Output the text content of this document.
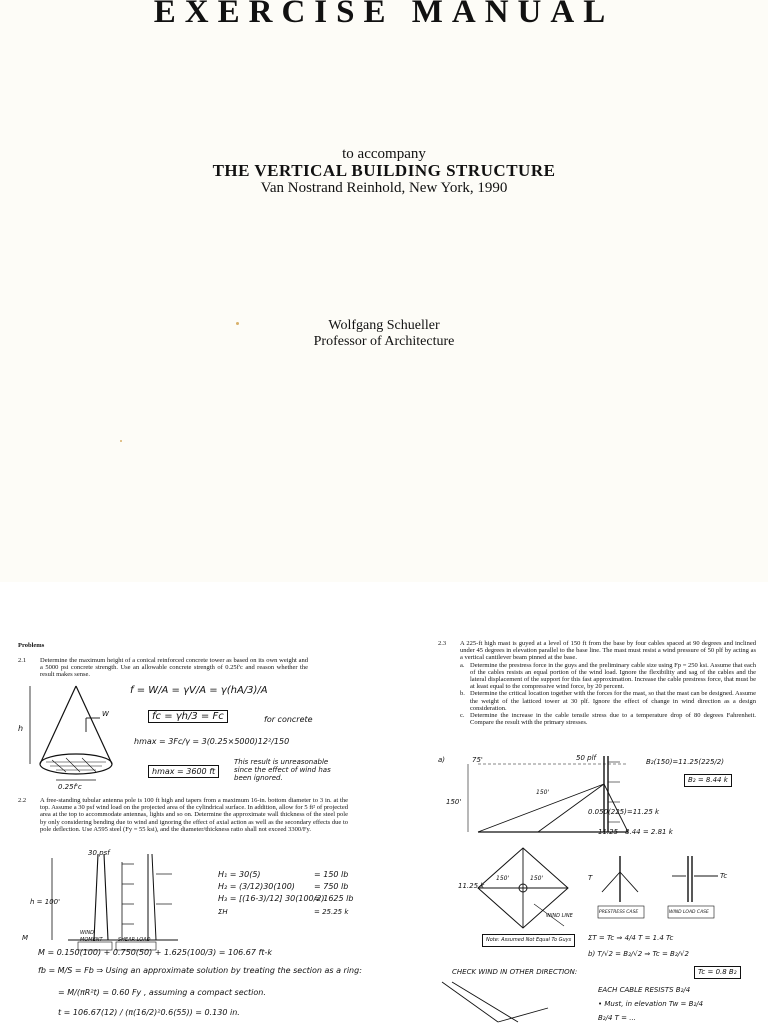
EXERCISE MANUAL
to accompany
THE VERTICAL BUILDING STRUCTURE
Van Nostrand Reinhold, New York, 1990
Wolfgang Schueller
Professor of Architecture
Problems
2.1	Determine the maximum height of a conical reinforced concrete tower as based on its own weight and a 5000 psi concrete strength. Use an allowable concrete strength of 0.25f'c and reason whether the result makes sense.
h
W
0.25f'c
f = W/A = γV/A = γ(hA/3)/A
fc = γh/3 = Fc	for concrete
hmax = 3Fc/γ = 3(0.25×5000)12²/150
hmax = 3600 ft
This result is unreasonable since the effect of wind has been ignored.
2.2	A free-standing tubular antenna pole is 100 ft high and tapers from a maximum 16-in. bottom diameter to 3 in. at the top. Assume a 30 psf wind load on the projected area of the cylindrical surface. In addition, allow for 5 ft² of projected area at the top to accommodate antennas, lights and so on. Determine the approximate wall thickness of the steel pole by only considering bending due to wind and ignoring the effect of axial action as well as the secondary effects due to pole deflection. Use A595 steel (Fy = 55 ksi), and the diameter/thickness ratio shall not exceed 3300/Fy.
30 psf
h = 100'
M
WIND
MOMENT	SHEAR LOAD
H₁ = 30(5)	= 150 lb
H₂ = (3/12)30(100) = 750 lb
H₃ = [(16-3)/12] 30(100/2)
= 1625 lb
ΣH	= 25.25 k
M = 0.150(100) + 0.750(50) + 1.625(100/3) = 106.67 ft-k
fb = M/S = Fb ⇒ Using an approximate solution by treating the section as a ring:
= M/(πR²t) = 0.60 Fy , assuming a compact section.
t = 106.67(12) / (π(16/2)²0.6(55)) = 0.130 in.
2.3	A 225-ft high mast is guyed at a level of 150 ft from the base by four cables spaced at 90 degrees and inclined under 45 degrees in elevation parallel to the base line. The mast must resist a wind pressure of 50 plf by acting as a vertical cantilever beam pinned at the base.
a. Determine the prestress force in the guys and the preliminary cable size using Fp = 250 ksi. Assume that each of the cables resists an equal portion of the wind load. Ignore the flexibility and sag of the cables and the lateral displacement of the support for this fast approximation. Increase the cable prestress force, that must be at least equal to the compressive wind force, by 20 percent.
b. Determine the critical location together with the forces for the mast, so that the mast can be designed. Assume the weight of the latticed tower at 30 plf. Ignore the effect of change in wind direction as a design consideration.
c. Determine the increase in the cable tensile stress due to a temperature drop of 80 degrees Fahrenheit. Compare the result with the primary stresses.
a)	75'
150'
50 plf
150'
B₂(150)=11.25(225/2)
B₂ = 8.44 k
0.050(225)=11.25 k
11.25 - 8.44 = 2.81 k
11.25 k
150'	150'
WIND LINE
Note: Assumed Not Equal To Guys
T	Tc
PRESTRESS CASE	WIND LOAD CASE
ΣT = Tc ⇒ 4/4 T = 1.4 Tc
b) T/√2 = B₂/√2 ⇒ Tc = B₂/√2
Tc = 0.8 B₂
CHECK WIND IN OTHER DIRECTION:
EACH CABLE RESISTS B₂/4
• Must, in elevation Tw = B₂/4
B₂/4 T = ...
